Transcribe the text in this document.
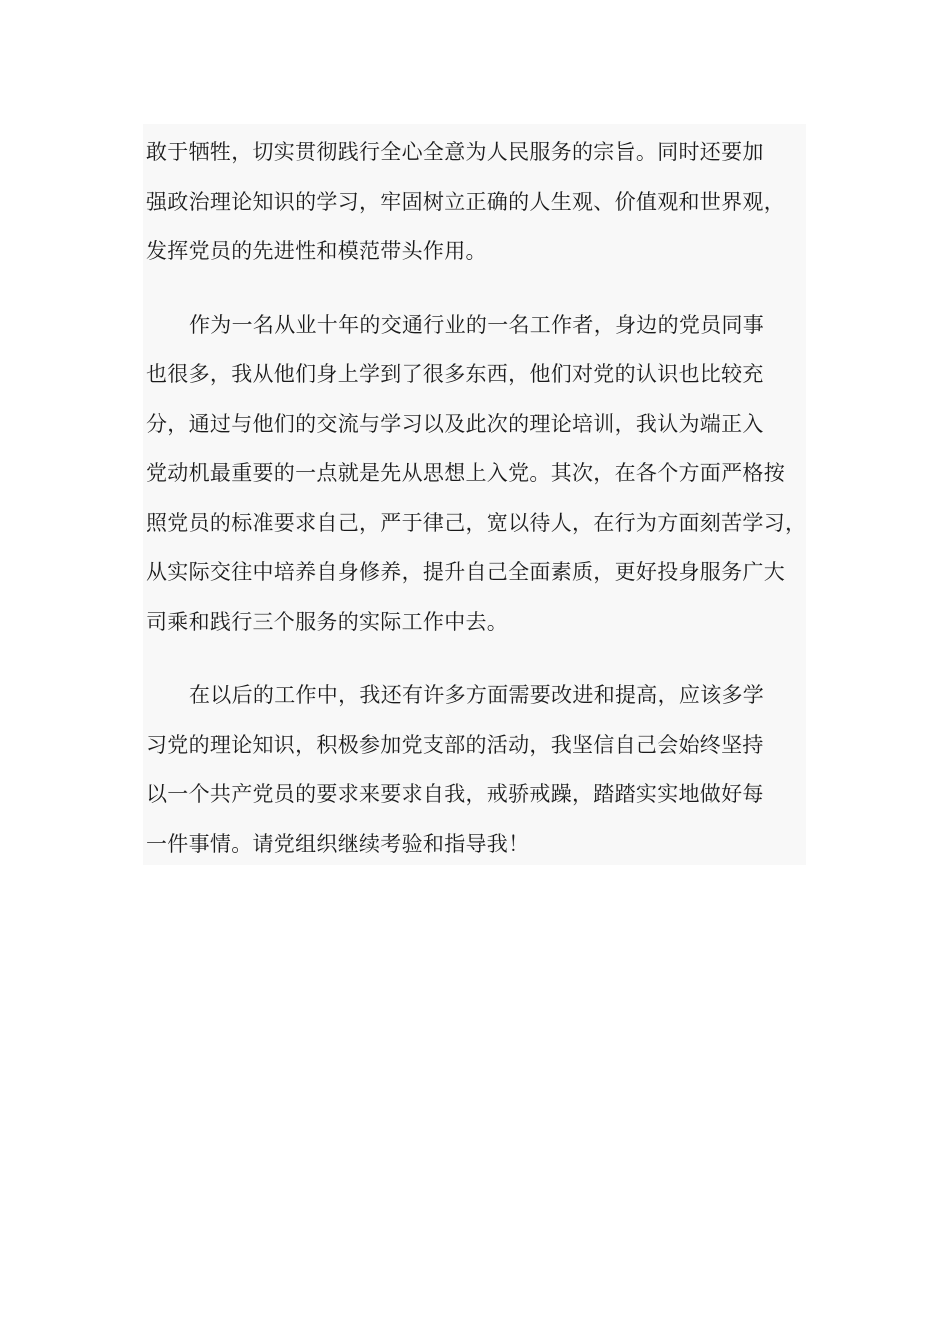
敢于牺牲，切实贯彻践行全心全意为人民服务的宗旨。同时还要加
强政治理论知识的学习，牢固树立正确的人生观、价值观和世界观，
发挥党员的先进性和模范带头作用。
作为一名从业十年的交通行业的一名工作者，身边的党员同事
也很多，我从他们身上学到了很多东西，他们对党的认识也比较充
分，通过与他们的交流与学习以及此次的理论培训，我认为端正入
党动机最重要的一点就是先从思想上入党。其次，在各个方面严格按
照党员的标准要求自己，严于律己，宽以待人，在行为方面刻苦学习，
从实际交往中培养自身修养，提升自己全面素质，更好投身服务广大
司乘和践行三个服务的实际工作中去。
在以后的工作中，我还有许多方面需要改进和提高，应该多学
习党的理论知识，积极参加党支部的活动，我坚信自己会始终坚持
以一个共产党员的要求来要求自我，戒骄戒躁，踏踏实实地做好每
一件事情。请党组织继续考验和指导我！
